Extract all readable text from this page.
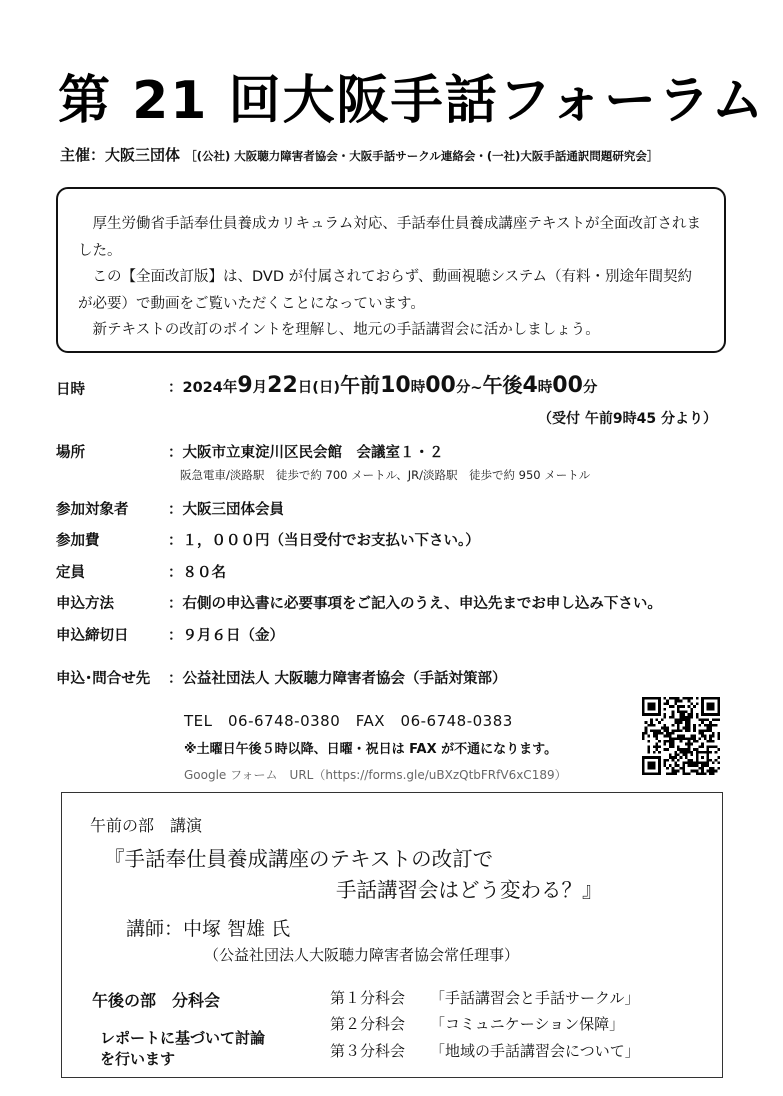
第 21 回大阪手話フォーラム
主催：大阪三団体 ［(公社) 大阪聴力障害者協会・大阪手話サークル連絡会・(一社)大阪手話通訳問題研究会］

厚生労働省手話奉仕員養成カリキュラム対応、手話奉仕員養成講座テキストが全面改訂されました。

この【全面改訂版】は、DVD が付属されておらず、動画視聴システム（有料・別途年間契約が必要）で動画をご覧いただくことになっています。

新テキストの改訂のポイントを理解し、地元の手話講習会に活かしましょう。

日時	：2024年9月22日(日)午前10時00分~午後4時00分
（受付 午前9時45 分より）
場所	：大阪市立東淀川区民会館　会議室１・２
阪急電車/淡路駅　徒歩で約 700 メートル、JR/淡路駅　徒歩で約 950 メートル
参加対象者	：大阪三団体会員
参加費	：１，０００円（当日受付でお支払い下さい。）
定員	：８０名
申込方法	：右側の申込書に必要事項をご記入のうえ、申込先までお申し込み下さい。
申込締切日	：９月６日（金）
申込･問合せ先 ：公益社団法人 大阪聴力障害者協会（手話対策部）
TEL　06-6748-0380　FAX　06-6748-0383
※土曜日午後５時以降、日曜・祝日は FAX が不通になります。
Google フォーム　URL（https://forms.gle/uBXzQtbFRfV6xC189）
午前の部　講演
『手話奉仕員養成講座のテキストの改訂で
手話講習会はどう変わる？』
講師：中塚 智雄 氏
（公益社団法人大阪聴力障害者協会常任理事）
午後の部　分科会
レポートに基づいて討論
を行います
第１分科会 「手話講習会と手話サークル」
第２分科会 「コミュニケーション保障」
第３分科会 「地域の手話講習会について」
